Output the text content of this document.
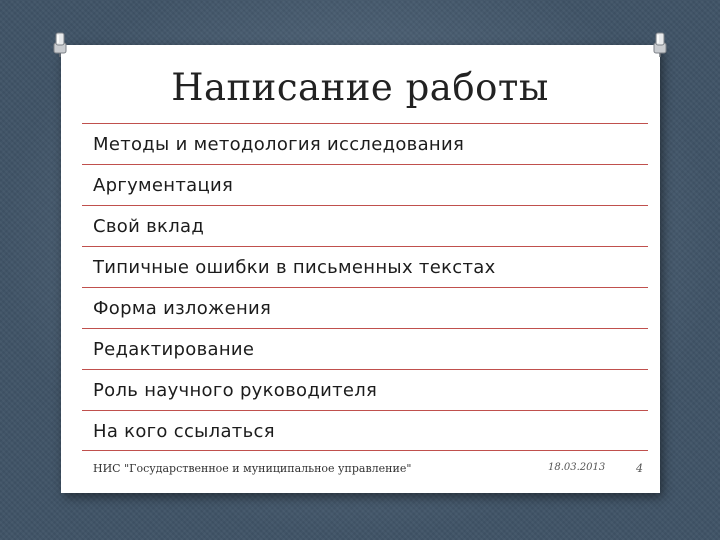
Написание работы
Методы и методология исследования
Аргументация
Свой вклад
Типичные ошибки в письменных текстах
Форма изложения
Редактирование
Роль научного руководителя
На кого ссылаться
НИС "Государственное и муниципальное управление"	18.03.2013	4
